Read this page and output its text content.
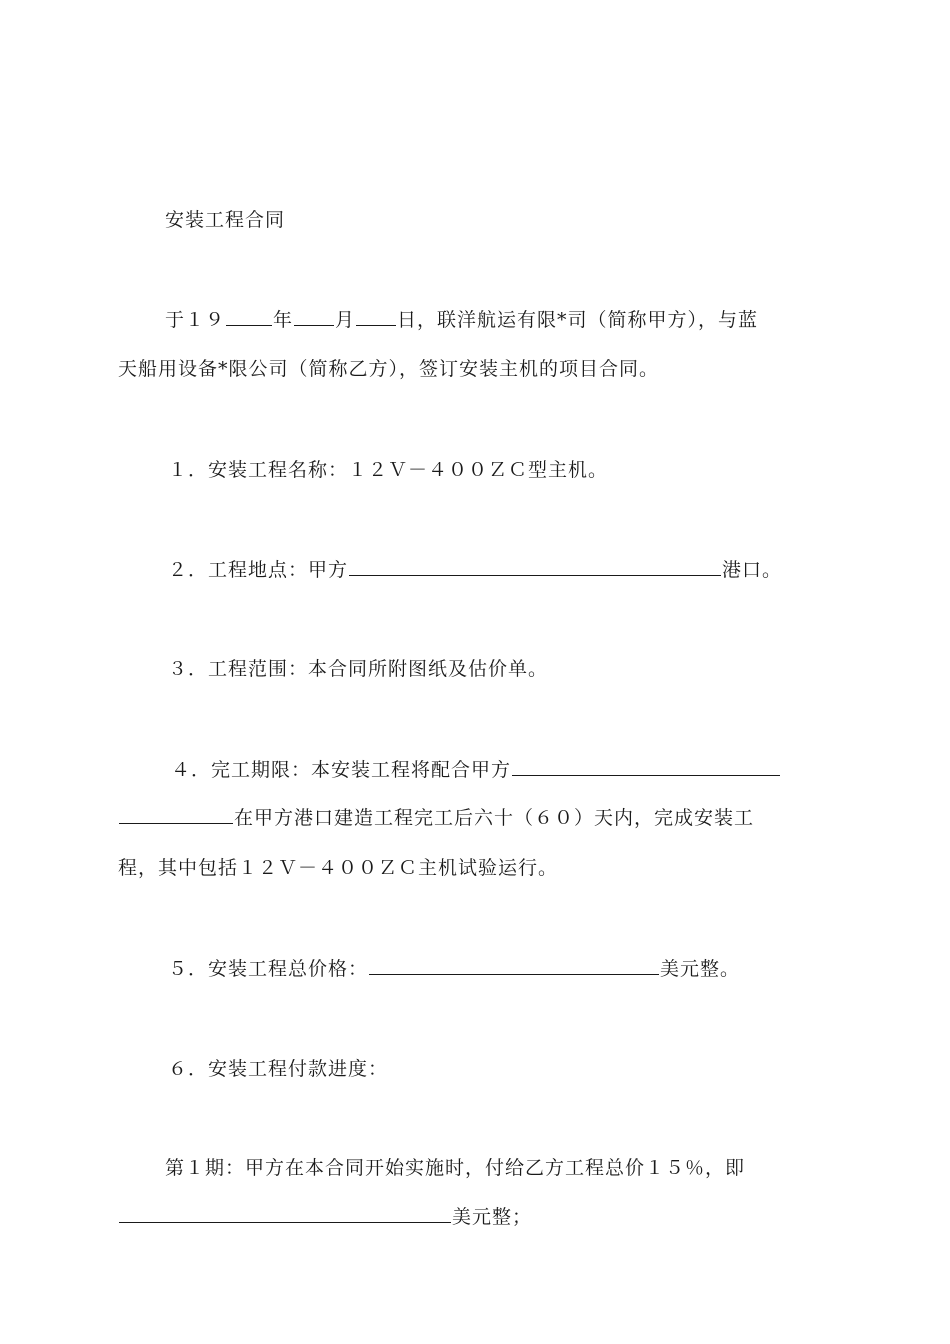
安装工程合同
于１９	年 月 日，联洋航运有限*司（简称甲方），与蓝
天船用设备*限公司（简称乙方），签订安装主机的项目合同。
１．安装工程名称：１２Ｖ－４００ＺＣ型主机。
２．工程地点：甲方	港口。
３．工程范围：本合同所附图纸及估价单。
４．完工期限：本安装工程将配合甲方
在甲方港口建造工程完工后六十（６０）天内，完成安装工
程，其中包括１２Ｖ－４００ＺＣ主机试验运行。
５．安装工程总价格：	美元整。
６．安装工程付款进度：
第１期：甲方在本合同开始实施时，付给乙方工程总价１５％，即
美元整；
